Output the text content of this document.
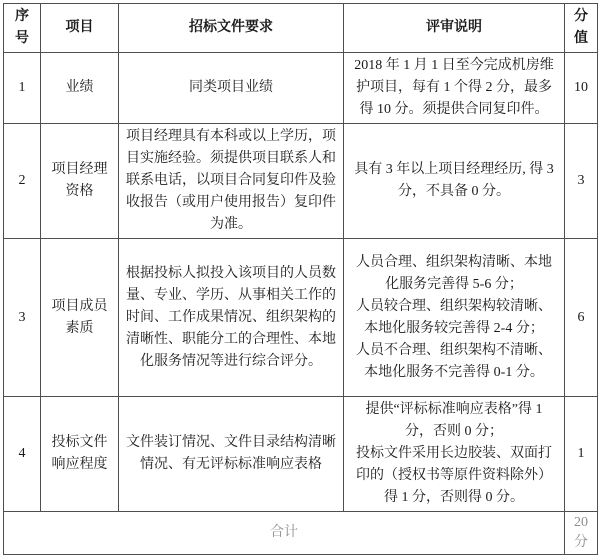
序号	项目	招标文件要求	评审说明	分值
1	业绩	同类项目业绩	2018 年 1 月 1 日至今完成机房维护项目，每有 1 个得 2 分，最多得 10 分。须提供合同复印件。	10
2	项目经理资格	项目经理具有本科或以上学历，项目实施经验。须提供项目联系人和联系电话，以项目合同复印件及验收报告（或用户使用报告）复印件为准。	具有 3 年以上项目经理经历, 得 3 分，不具备 0 分。	3
3	项目成员素质	根据投标人拟投入该项目的人员数量、专业、学历、从事相关工作的时间、工作成果情况、组织架构的清晰性、职能分工的合理性、本地化服务情况等进行综合评分。	人员合理、组织架构清晰、本地化服务完善得 5-6 分；

人员较合理、组织架构较清晰、本地化服务较完善得 2-4 分；

人员不合理、组织架构不清晰、本地化服务不完善得 0-1 分。	6
4	投标文件响应程度	文件装订情况、文件目录结构清晰情况、有无评标标准响应表格	提供“评标标准响应表格”得 1 分，否则 0 分；

投标文件采用长边胶装、双面打印的（授权书等原件资料除外）得 1 分，否则得 0 分。	1
合计				20 分
